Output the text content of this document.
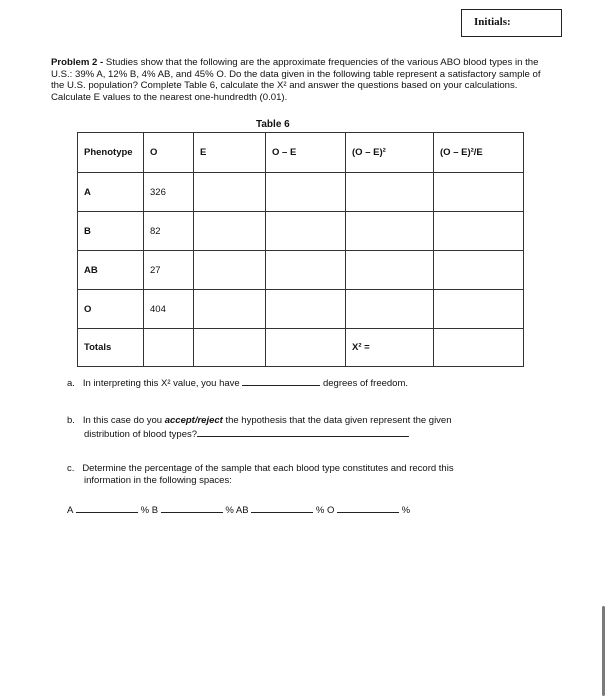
Initials:
Problem 2 - Studies show that the following are the approximate frequencies of the various ABO blood types in the U.S.: 39% A, 12% B, 4% AB, and 45% O. Do the data given in the following table represent a satisfactory sample of the U.S. population? Complete Table 6, calculate the X² and answer the questions based on your calculations. Calculate E values to the nearest one-hundredth (0.01).
Table 6
Phenotype	O	E	O – E	(O – E)²	(O – E)²/E
A	326				
B	82				
AB	27				
O	404				
Totals				X² =	
a. In interpreting this X² value, you have	degrees of freedom.
b. In this case do you accept/reject the hypothesis that the data given represent the given
distribution of blood types?
c. Determine the percentage of the sample that each blood type constitutes and record this
information in the following spaces:
A	% B	% AB	% O	%
